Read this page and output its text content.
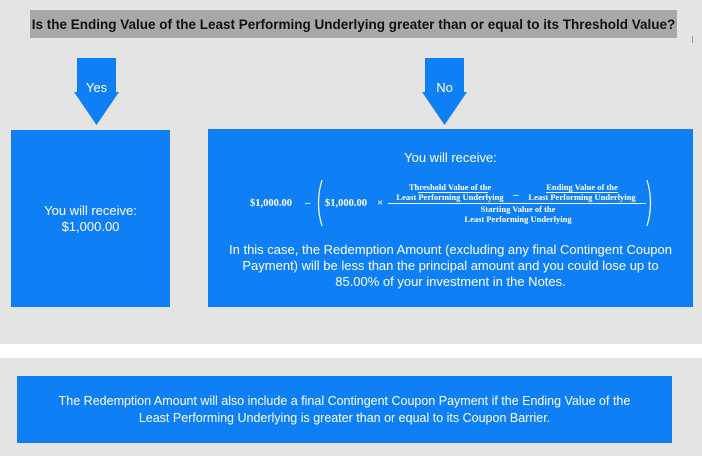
Is the Ending Value of the Least Performing Underlying greater than or equal to its Threshold Value?
Yes	No
You will receive:
$1,000.00
You will receive:
$1,000.00 – $1,000.00 ×
Threshold Value of the
Least Performing Underlying –
Ending Value of the
Least Performing Underlying
Starting Value of the
Least Performing Underlying
In this case, the Redemption Amount (excluding any final Contingent Coupon
Payment) will be less than the principal amount and you could lose up to
85.00% of your investment in the Notes.
The Redemption Amount will also include a final Contingent Coupon Payment if the Ending Value of the
Least Performing Underlying is greater than or equal to its Coupon Barrier.
